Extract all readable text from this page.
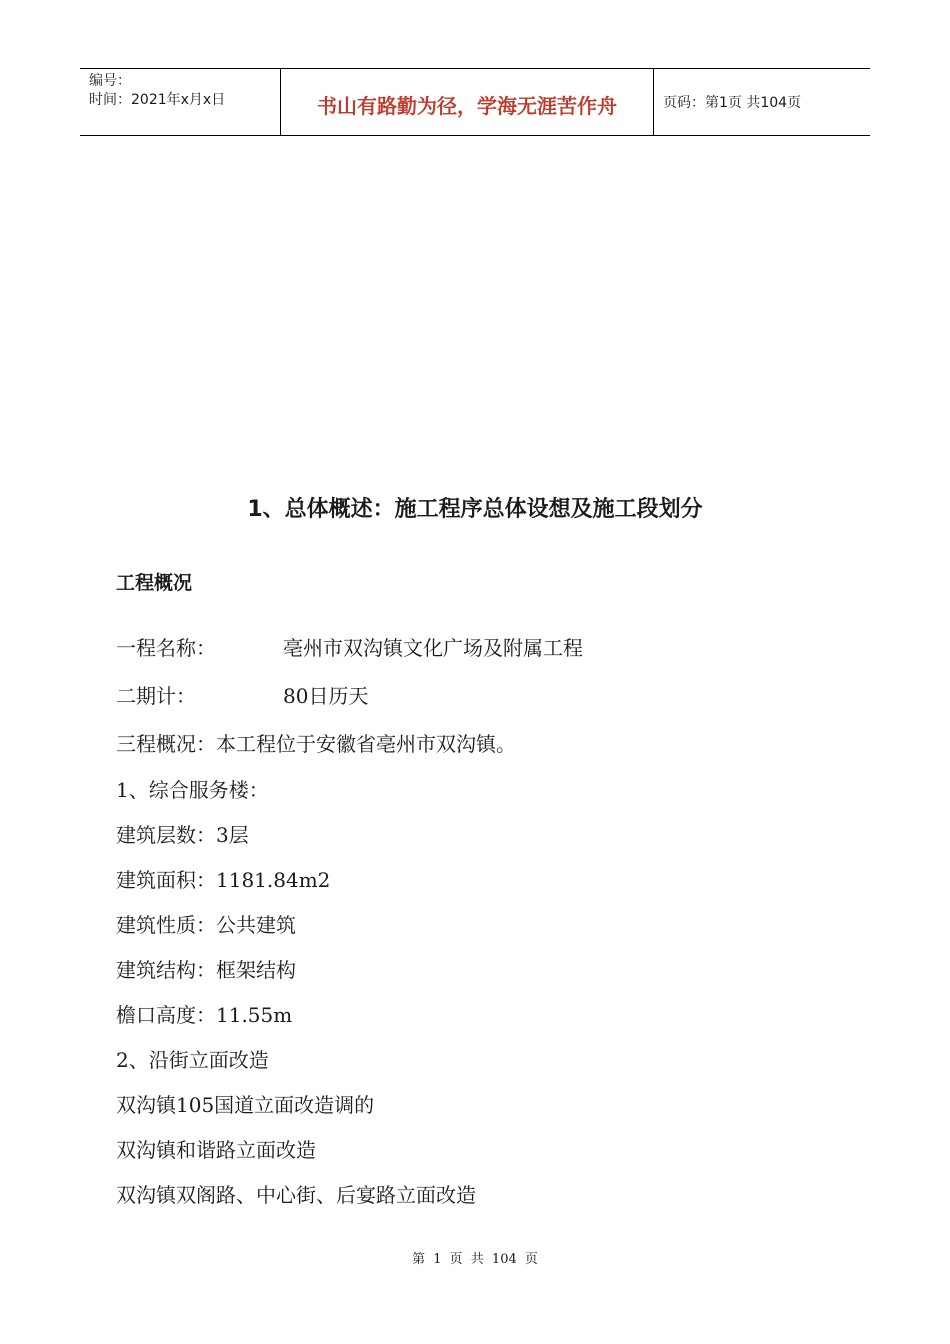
编号：
时间：2021年x月x日	书山有路勤为径，学海无涯苦作舟	页码：第1页 共104页
1、总体概述：施工程序总体设想及施工段划分
工程概况
一程名称：	亳州市双沟镇文化广场及附属工程
二期计：	80日历天
三程概况：本工程位于安徽省亳州市双沟镇。
1、综合服务楼：
建筑层数：3层
建筑面积：1181.84m2
建筑性质：公共建筑
建筑结构：框架结构
檐口高度：11.55m
2、沿街立面改造
双沟镇105国道立面改造调的
双沟镇和谐路立面改造
双沟镇双阁路、中心街、后宴路立面改造
第 1 页 共 104 页
